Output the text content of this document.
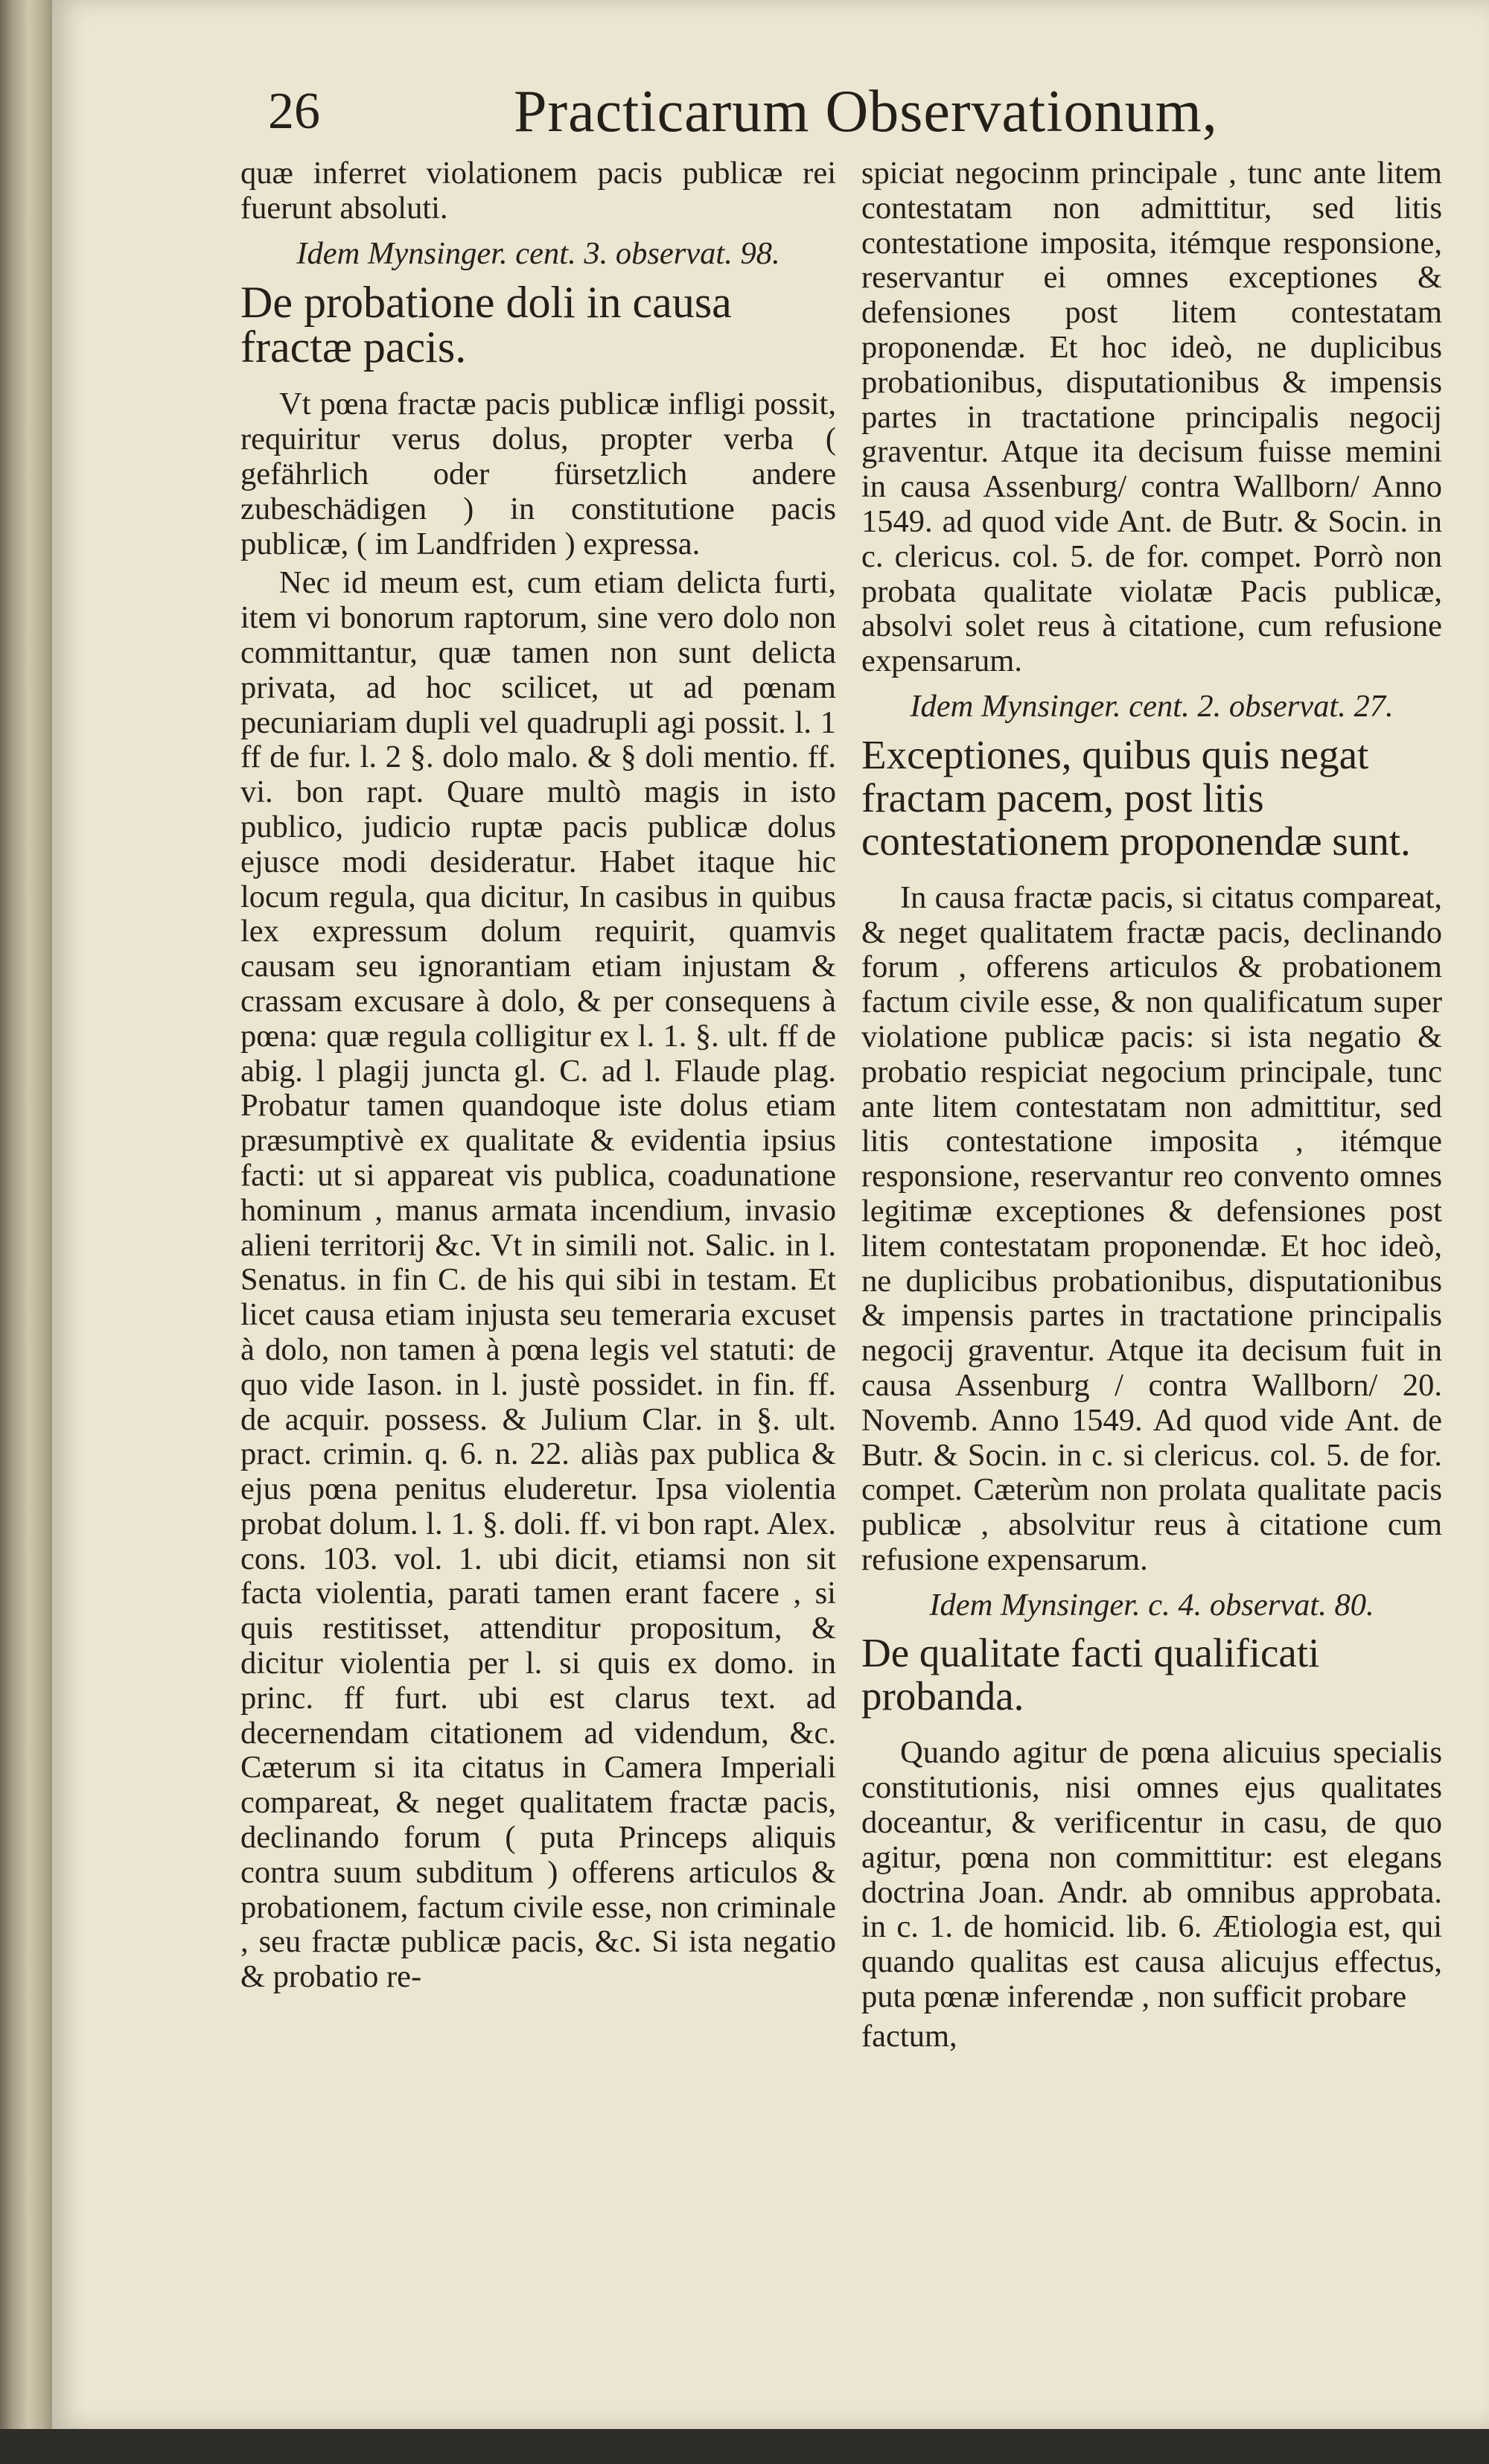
26	Practicarum Observationum,

quæ inferret violationem pacis publicæ rei fuerunt absoluti.

Idem Mynsinger. cent. 3. observat. 98.

De probatione doli in causa fractæ pacis.

Vt pœna fractæ pacis publicæ infligi possit, requiritur verus dolus, propter verba ( gefährlich oder fürsetzlich andere zubeschädigen ) in constitutione pacis publicæ, ( im Landfriden ) expressa.

Nec id meum est, cum etiam delicta furti, item vi bonorum raptorum, sine vero dolo non committantur, quæ tamen non sunt delicta privata, ad hoc scilicet, ut ad pœnam pecuniariam dupli vel quadrupli agi possit. l. 1 ff de fur. l. 2 §. dolo malo. & § doli mentio. ff. vi. bon rapt. Quare multò magis in isto publico, judicio ruptæ pacis publicæ dolus ejusce modi desideratur. Habet itaque hic locum regula, qua dicitur, In casibus in quibus lex expressum dolum requirit, quamvis causam seu ignorantiam etiam injustam & crassam excusare à dolo, & per consequens à pœna: quæ regula colligitur ex l. 1. §. ult. ff de abig. l plagij juncta gl. C. ad l. Flaude plag. Probatur tamen quandoque iste dolus etiam præsumptivè ex qualitate & evidentia ipsius facti: ut si appareat vis publica, coadunatione hominum , manus armata incendium, invasio alieni territorij &c. Vt in simili not. Salic. in l. Senatus. in fin C. de his qui sibi in testam. Et licet causa etiam injusta seu temeraria excuset à dolo, non tamen à pœna legis vel statuti: de quo vide Iason. in l. justè possidet. in fin. ff. de acquir. possess. & Julium Clar. in §. ult. pract. crimin. q. 6. n. 22. aliàs pax publica & ejus pœna penitus eluderetur. Ipsa violentia probat dolum. l. 1. §. doli. ff. vi bon rapt. Alex. cons. 103. vol. 1. ubi dicit, etiamsi non sit facta violentia, parati tamen erant facere , si quis restitisset, attenditur propositum, & dicitur violentia per l. si quis ex domo. in princ. ff furt. ubi est clarus text. ad decernendam citationem ad videndum, &c. Cæterum si ita citatus in Camera Imperiali compareat, & neget qualitatem fractæ pacis, declinando forum ( puta Princeps aliquis contra suum subditum ) offerens articulos & probationem, factum civile esse, non criminale , seu fractæ publicæ pacis, &c. Si ista negatio & probatio re-

spiciat negocinm principale , tunc ante litem contestatam non admittitur, sed litis contestatione imposita, itémque responsione, reservantur ei omnes exceptiones & defensiones post litem contestatam proponendæ. Et hoc ideò, ne duplicibus probationibus, disputationibus & impensis partes in tractatione principalis negocij graventur. Atque ita decisum fuisse memini in causa Assenburg/ contra Wallborn/ Anno 1549. ad quod vide Ant. de Butr. & Socin. in c. clericus. col. 5. de for. compet. Porrò non probata qualitate violatæ Pacis publicæ, absolvi solet reus à citatione, cum refusione expensarum.

Idem Mynsinger. cent. 2. observat. 27.

Exceptiones, quibus quis negat fractam pacem, post litis contestationem proponendæ sunt.

In causa fractæ pacis, si citatus compareat, & neget qualitatem fractæ pacis, declinando forum , offerens articulos & probationem factum civile esse, & non qualificatum super violatione publicæ pacis: si ista negatio & probatio respiciat negocium principale, tunc ante litem contestatam non admittitur, sed litis contestatione imposita , itémque responsione, reservantur reo convento omnes legitimæ exceptiones & defensiones post litem contestatam proponendæ. Et hoc ideò, ne duplicibus probationibus, disputationibus & impensis partes in tractatione principalis negocij graventur. Atque ita decisum fuit in causa Assenburg / contra Wallborn/ 20. Novemb. Anno 1549. Ad quod vide Ant. de Butr. & Socin. in c. si clericus. col. 5. de for. compet. Cæterùm non prolata qualitate pacis publicæ , absolvitur reus à citatione cum refusione expensarum.

Idem Mynsinger. c. 4. observat. 80.

De qualitate facti qualificati probanda.

Quando agitur de pœna alicuius specialis constitutionis, nisi omnes ejus qualitates doceantur, & verificentur in casu, de quo agitur, pœna non committitur: est elegans doctrina Joan. Andr. ab omnibus approbata. in c. 1. de homicid. lib. 6. Ætiologia est, qui quando qualitas est causa alicujus effectus, puta pœnæ inferendæ , non sufficit probare

factum,
